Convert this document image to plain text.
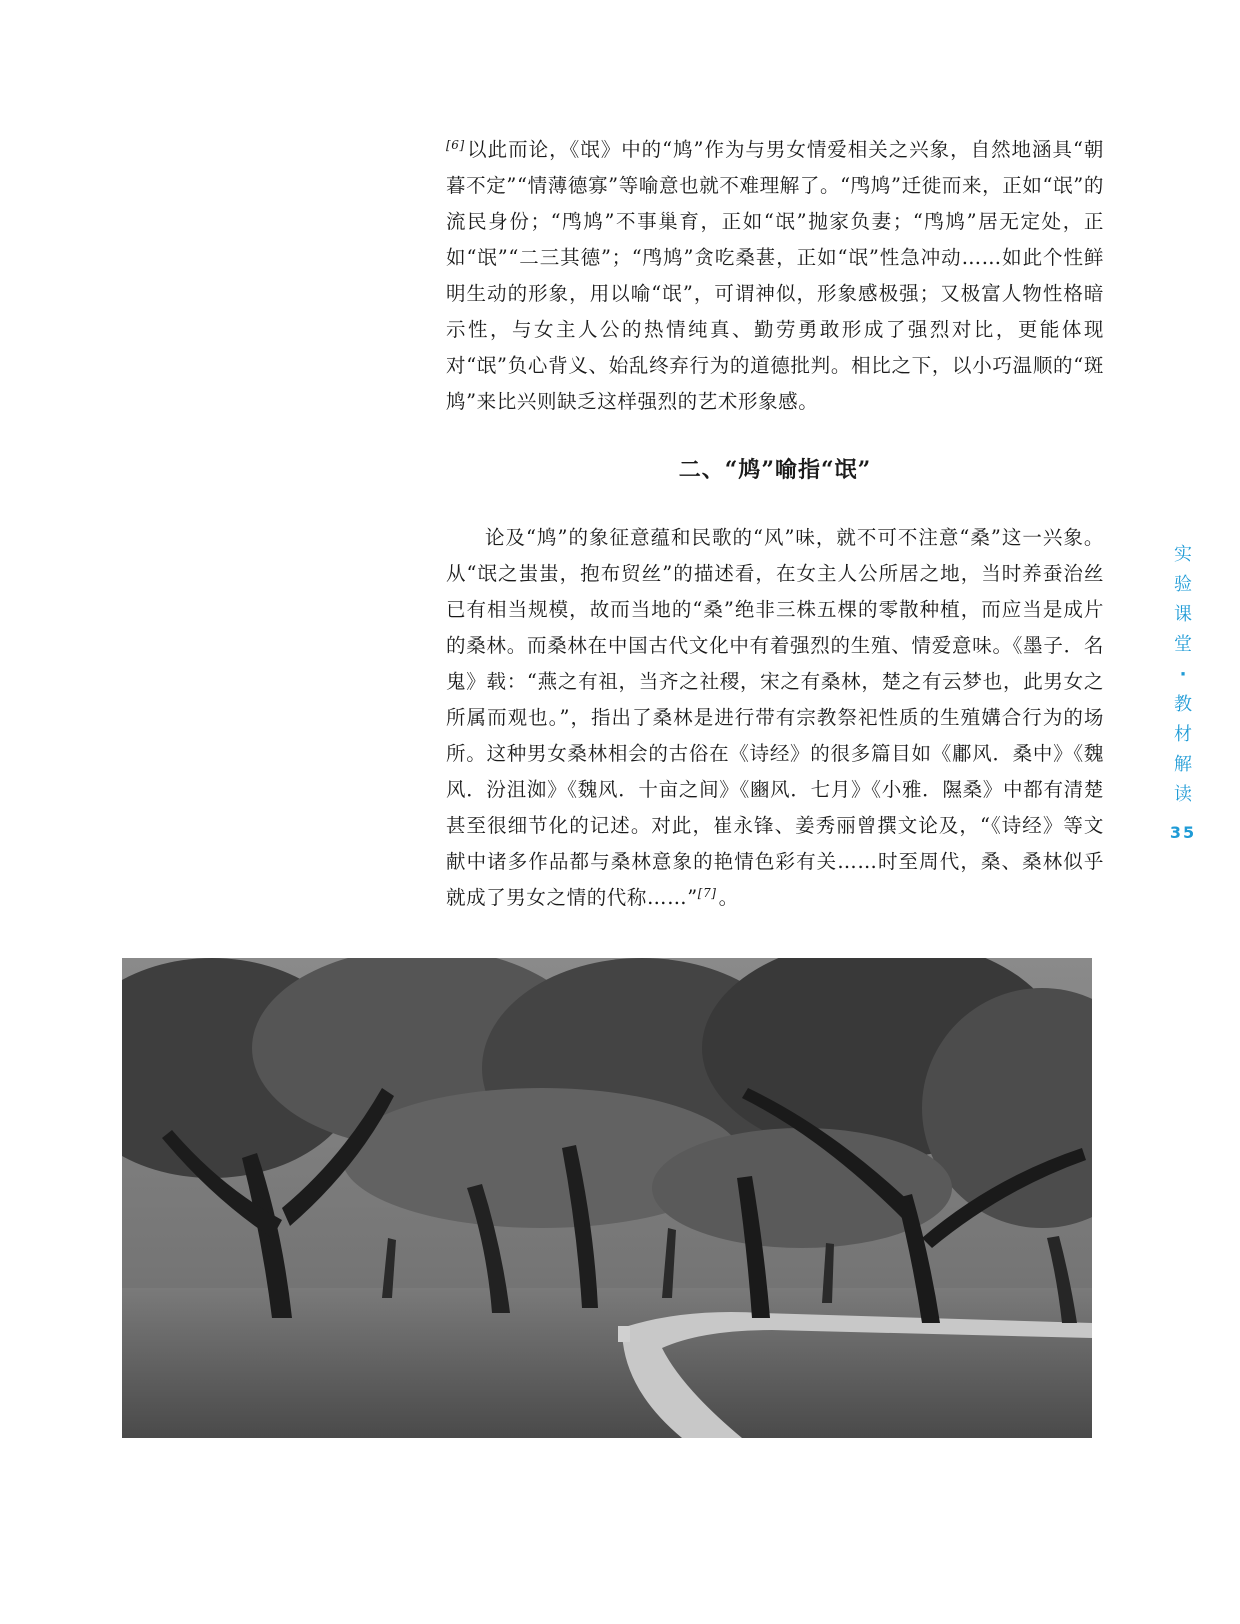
[6] 以此而论，《氓》中的“鸠”作为与男女情爱相关之兴象，自然地涵具“朝暮不定”“情薄德寡”等喻意也就不难理解了。“鸤鸠”迁徙而来，正如“氓”的流民身份；“鸤鸠”不事巢育，正如“氓”抛家负妻；“鸤鸠”居无定处，正如“氓”“二三其德”；“鸤鸠”贪吃桑葚，正如“氓”性急冲动……如此个性鲜明生动的形象，用以喻“氓”，可谓神似，形象感极强；又极富人物性格暗示性，与女主人公的热情纯真、勤劳勇敢形成了强烈对比，更能体现对“氓”负心背义、始乱终弃行为的道德批判。相比之下，以小巧温顺的“斑鸠”来比兴则缺乏这样强烈的艺术形象感。

二、“鸠”喻指“氓”

论及“鸠”的象征意蕴和民歌的“风”味，就不可不注意“桑”这一兴象。从“氓之蚩蚩，抱布贸丝”的描述看，在女主人公所居之地，当时养蚕治丝已有相当规模，故而当地的“桑”绝非三株五棵的零散种植，而应当是成片的桑林。而桑林在中国古代文化中有着强烈的生殖、情爱意味。《墨子．名鬼》载：“燕之有祖，当齐之社稷，宋之有桑林，楚之有云梦也，此男女之所属而观也。”，指出了桑林是进行带有宗教祭祀性质的生殖媾合行为的场所。这种男女桑林相会的古俗在《诗经》的很多篇目如《鄘风．桑中》《魏风．汾沮洳》《魏风．十亩之间》《豳风．七月》《小雅．隰桑》中都有清楚甚至很细节化的记述。对此，崔永锋、姜秀丽曾撰文论及，“《诗经》等文献中诸多作品都与桑林意象的艳情色彩有关……时至周代，桑、桑林似乎就成了男女之情的代称……”[7] 。

实
验
课
堂
·
教
材
解
读
35
